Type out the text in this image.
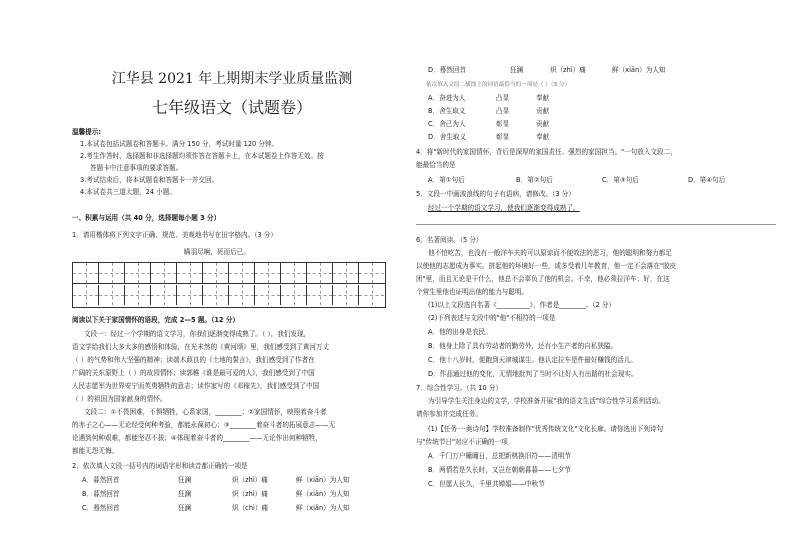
江华县 2021 年上期期末学业质量监测
七年级语文（试题卷）
温馨提示:
1.本试卷包括试题卷和答题卡。满分 150 分，考试时量 120 分钟。
2.考生作答时，选择题和非选择题均须作答在答题卡上，在本试题卷上作答无效。按
答题卡中注意事项的要求答题。
3.考试结束后，将本试题卷和答题卡一并交回。
4.本试卷共三道大题，24 小题。
一、积累与运用（共 40 分，选择题每小题 3 分）
1．请用楷体将下列文字正确、规范、美观地书写在田字格内。（3 分）
瞒羽尽啊，死而后已。
阅读以下关于家国情怀的语段，完成 2—5 题。（12 分）
文段一：经过一个学期的语文学习，你我们逐渐变得成熟了。（ ），我们发现，
语文学给我们大多太多的感悟和体验，在光未然的《黄河颂》里，我们感受到了黄河万丈
（ ）的气势和伟大坚强的精神；读端木蕻良的《土地的誓言》，我们感受到了作者在
广阔的关东原野上（ ）的故园情怀；读郭稚《谁是最可爱的人》，我们感受到了中国
人民志愿军为世界安宁而英勇牺牲的意志；读作家写的《邓稼先》，我们感受到了中国
（ ）的祖国为国家献身的情怀。
文段二：①不畏困难，不惧牺牲，心系家国，________；②家国情怀，映照着奋斗者
的赤子之心——无论经受何种考验，都能永葆初心；③________着奋斗者的拓展意志——无
论遇到何种艰难，都能坚忍不拔；④体现着奋斗者的________——无论作出何种牺牲，
都能无怨无悔。
2．依次填入文段一括号内的词语字形和读音都正确的一项是
A．暮然回首	狂澜	炽（zhì）痛	鲜（xiān）为人知
B．暮然回首	狂澜	炽（zhì）痛	鲜（xiǎn）为人知
C．蓦然回首	狂澜	炽（chì）痛	鲜（xiǎn）为人知
D．蓦然回首	狂澜	炽（zhì）痛	鲜（xiān）为人知
依次填入文段二横线上的词语最恰当的一项是（ ）（3 分）
A．奋进为人	凸显	奉献
B．舍生取义	凸显	贡献
C．舍己为人	彰显	贡献
D．舍生取义	彰显	奉献
4．将"新时代的家国情怀，背后是深厚的家国责任、强烈的家国担当。"一句放入文段二，
能最恰当的是
A．第①句后	B．第②句后	C．第③句后	D．第④句后
5．文段一中画波浪线的句子有语病，请修改。（3 分）
经过一个学期的语文学习，使我们逐渐变得成熟了。
6．名著阅读。（5 分）
他不怕吃苦，也没有一般洋车夫的可以原谅而不便效法的恶习，他的聪明和努力都足
以使他的志愿成为事实。拼起他的环境好一些，或多受着几年教育，他一定不会落在"胶皮
团"里，而且无论是干什么，他总不会辜负了他的机会。不幸，他必须拉洋车；好，在这
个营生里他也证明出他的能力与聪明。
(1)以上文段选自名著《__________》，作者是________。（2 分）
(2)下列表述与文段中的"他"不相符的一项是
A．他的出身是农民。
B．他身上除了具有劳动者的勤劳外，还有小生产者的自私狭隘。
C．他十八岁时，便跑到天津城谋生。他认定拉车是件最好赚钱的活儿。
D．作品通过他的变化，无情地批判了当时不让好人有出路的社会现实。
7．综合性学习。（共 10 分）
为引导学生关注身边的文学，学校准备开展"我的语文生活"综合性学习系列活动。
请你参加并完成任务。
(1)【任务一·奥诗句】学校准备制作"优秀传统文化"文化长廊。请你选出下列诗句
与"传统节日"对应不正确的一项
A．千门万户曈曈日，总把新桃换旧符——清明节
B．两情若是久长时，又岂在朝朝暮暮——七夕节
C．但愿人长久，千里共婵娟——中秋节
